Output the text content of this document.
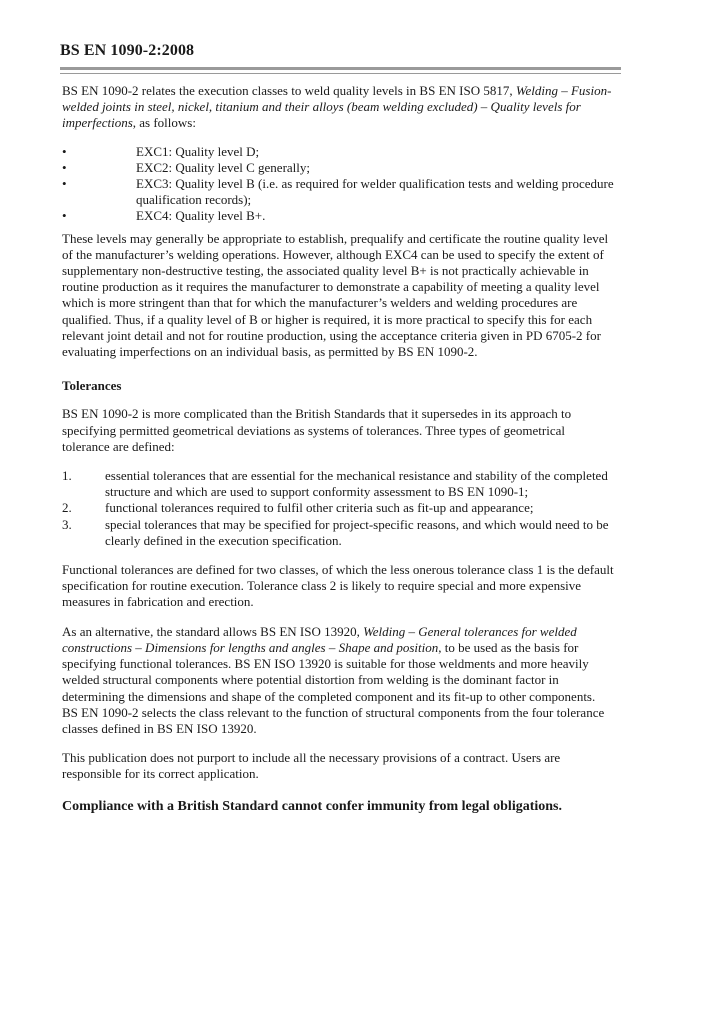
BS EN 1090-2:2008

BS EN 1090-2 relates the execution classes to weld quality levels in BS EN ISO 5817, Welding – Fusion-welded joints in steel, nickel, titanium and their alloys (beam welding excluded) – Quality levels for imperfections, as follows:

•	EXC1: Quality level D;
•	EXC2: Quality level C generally;
•	EXC3: Quality level B (i.e. as required for welder qualification tests and welding procedure qualification records);
•	EXC4: Quality level B+.

These levels may generally be appropriate to establish, prequalify and certificate the routine quality level of the manufacturer’s welding operations. However, although EXC4 can be used to specify the extent of supplementary non-destructive testing, the associated quality level B+ is not practically achievable in routine production as it requires the manufacturer to demonstrate a capability of meeting a quality level which is more stringent than that for which the manufacturer’s welders and welding procedures are qualified. Thus, if a quality level of B or higher is required, it is more practical to specify this for each relevant joint detail and not for routine production, using the acceptance criteria given in PD 6705-2 for evaluating imperfections on an individual basis, as permitted by BS EN 1090-2.

Tolerances

BS EN 1090-2 is more complicated than the British Standards that it supersedes in its approach to specifying permitted geometrical deviations as systems of tolerances. Three types of geometrical tolerance are defined:

1.	essential tolerances that are essential for the mechanical resistance and stability of the completed structure and which are used to support conformity assessment to BS EN 1090-1;
2.	functional tolerances required to fulfil other criteria such as fit-up and appearance;
3.	special tolerances that may be specified for project-specific reasons, and which would need to be clearly defined in the execution specification.

Functional tolerances are defined for two classes, of which the less onerous tolerance class 1 is the default specification for routine execution. Tolerance class 2 is likely to require special and more expensive measures in fabrication and erection.

As an alternative, the standard allows BS EN ISO 13920, Welding – General tolerances for welded constructions – Dimensions for lengths and angles – Shape and position, to be used as the basis for specifying functional tolerances. BS EN ISO 13920 is suitable for those weldments and more heavily welded structural components where potential distortion from welding is the dominant factor in determining the dimensions and shape of the completed component and its fit-up to other components. BS EN 1090-2 selects the class relevant to the function of structural components from the four tolerance classes defined in BS EN ISO 13920.

This publication does not purport to include all the necessary provisions of a contract. Users are responsible for its correct application.

Compliance with a British Standard cannot confer immunity from legal obligations.
